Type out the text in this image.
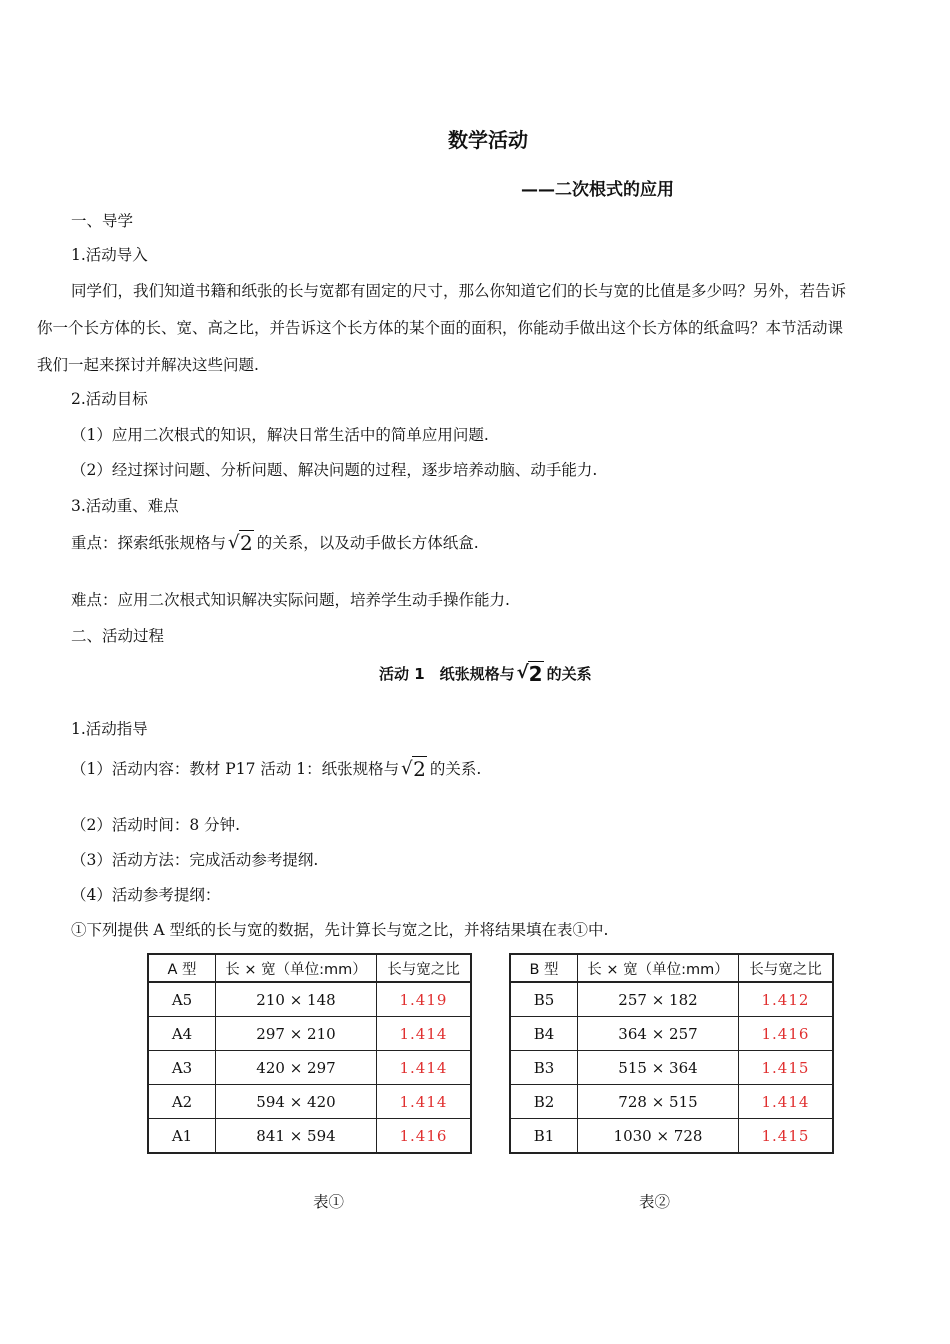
数学活动
——二次根式的应用
一、导学
1.活动导入
同学们，我们知道书籍和纸张的长与宽都有固定的尺寸，那么你知道它们的长与宽的比值是多少吗？另外，若告诉
你一个长方体的长、宽、高之比，并告诉这个长方体的某个面的面积，你能动手做出这个长方体的纸盒吗？本节活动课
我们一起来探讨并解决这些问题.
2.活动目标
（1）应用二次根式的知识，解决日常生活中的简单应用问题.
（2）经过探讨问题、分析问题、解决问题的过程，逐步培养动脑、动手能力.
3.活动重、难点
重点：探索纸张规格与 √ 2 的关系，以及动手做长方体纸盒.
难点：应用二次根式知识解决实际问题，培养学生动手操作能力.
二、活动过程
活动 1　纸张规格与 √ 2 的关系
1.活动指导
（1）活动内容：教材 P17 活动 1：纸张规格与 √ 2 的关系.
（2）活动时间：8 分钟.
（3）活动方法：完成活动参考提纲.
（4）活动参考提纲：
①下列提供 A 型纸的长与宽的数据，先计算长与宽之比，并将结果填在表①中.
A 型	长 × 宽（单位:mm）	长与宽之比
A5	210 × 148	1.419
A4	297 × 210	1.414
A3	420 × 297	1.414
A2	594 × 420	1.414
A1	841 × 594	1.416
B 型	长 × 宽（单位:mm）	长与宽之比
B5	257 × 182	1.412
B4	364 × 257	1.416
B3	515 × 364	1.415
B2	728 × 515	1.414
B1	1030 × 728	1.415
表①	表②
